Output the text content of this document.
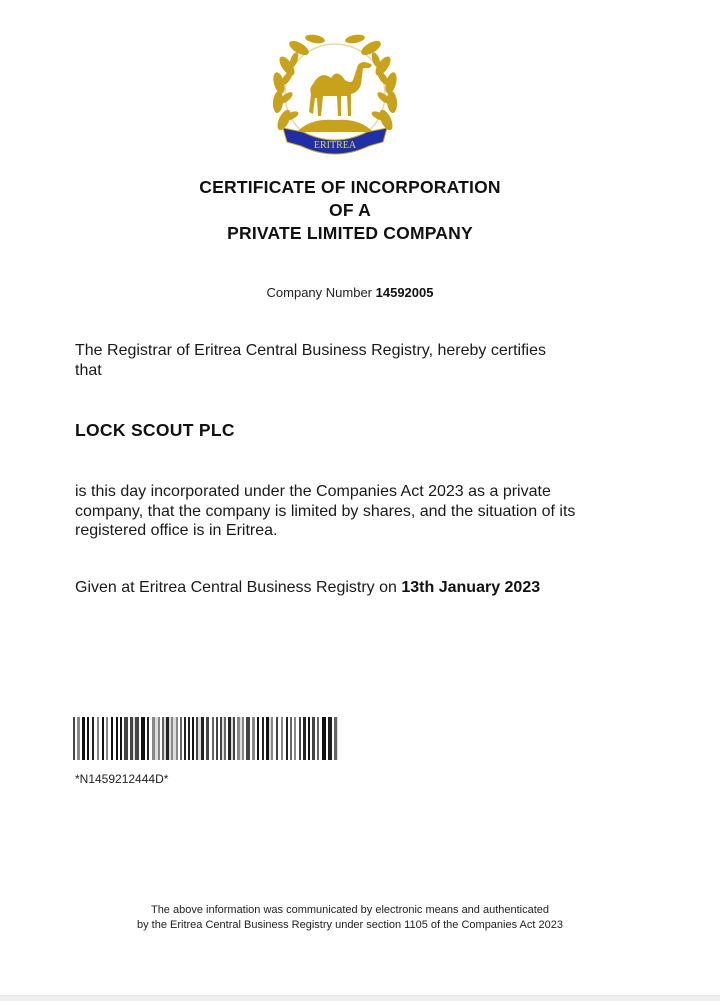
ERITREA
CERTIFICATE OF INCORPORATION
OF A
PRIVATE LIMITED COMPANY
Company Number 14592005
The Registrar of Eritrea Central Business Registry, hereby certifies
that
LOCK SCOUT PLC
is this day incorporated under the Companies Act 2023 as a private
company, that the company is limited by shares, and the situation of its
registered office is in Eritrea.
Given at Eritrea Central Business Registry on 13th January 2023
*N1459212444D*
The above information was communicated by electronic means and authenticated
by the Eritrea Central Business Registry under section 1105 of the Companies Act 2023
